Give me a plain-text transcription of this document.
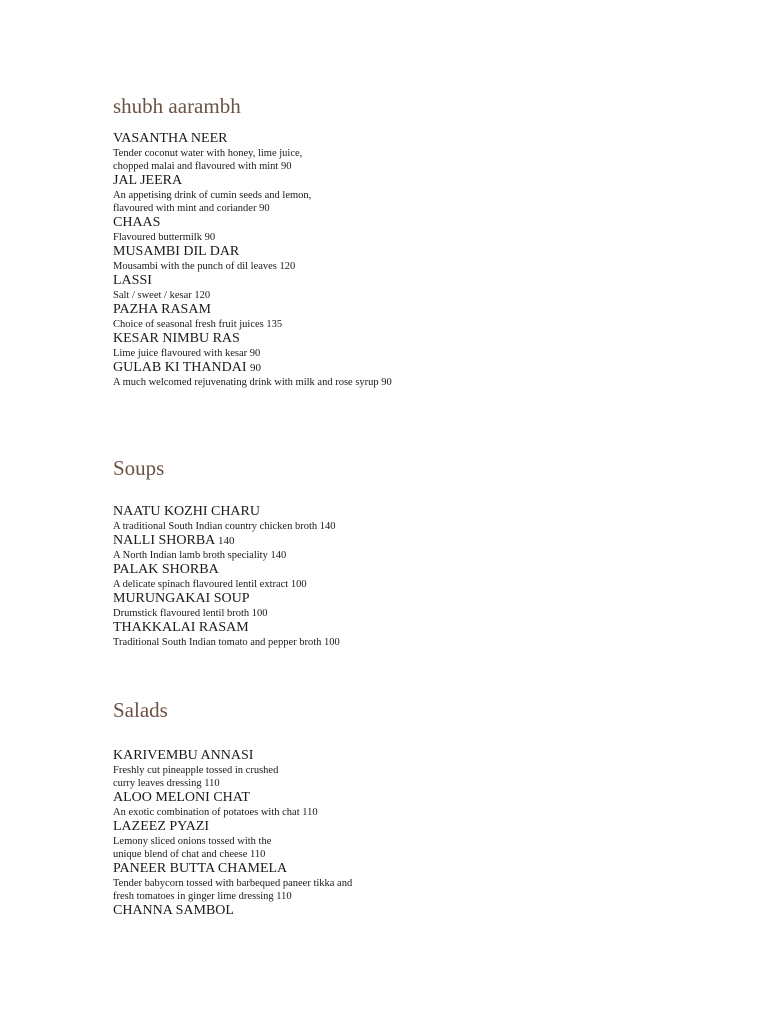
shubh aarambh
VASANTHA NEER
Tender coconut water with honey, lime juice,
chopped malai and flavoured with mint 90
JAL JEERA
An appetising drink of cumin seeds and lemon,
flavoured with mint and coriander 90
CHAAS
Flavoured buttermilk 90
MUSAMBI DIL DAR
Mousambi with the punch of dil leaves 120
LASSI
Salt / sweet / kesar 120
PAZHA RASAM
Choice of seasonal fresh fruit juices 135
KESAR NIMBU RAS
Lime juice flavoured with kesar 90
GULAB KI THANDAI 90
A much welcomed rejuvenating drink with milk and rose syrup 90
Soups
NAATU KOZHI CHARU
A traditional South Indian country chicken broth 140
NALLI SHORBA 140
A North Indian lamb broth speciality 140
PALAK SHORBA
A delicate spinach flavoured lentil extract 100
MURUNGAKAI SOUP
Drumstick flavoured lentil broth 100
THAKKALAI RASAM
Traditional South Indian tomato and pepper broth 100
Salads
KARIVEMBU ANNASI
Freshly cut pineapple tossed in crushed
curry leaves dressing 110
ALOO MELONI CHAT
An exotic combination of potatoes with chat 110
LAZEEZ PYAZI
Lemony sliced onions tossed with the
unique blend of chat and cheese 110
PANEER BUTTA CHAMELA
Tender babycorn tossed with barbequed paneer tikka and
fresh tomatoes in ginger lime dressing 110
CHANNA SAMBOL
